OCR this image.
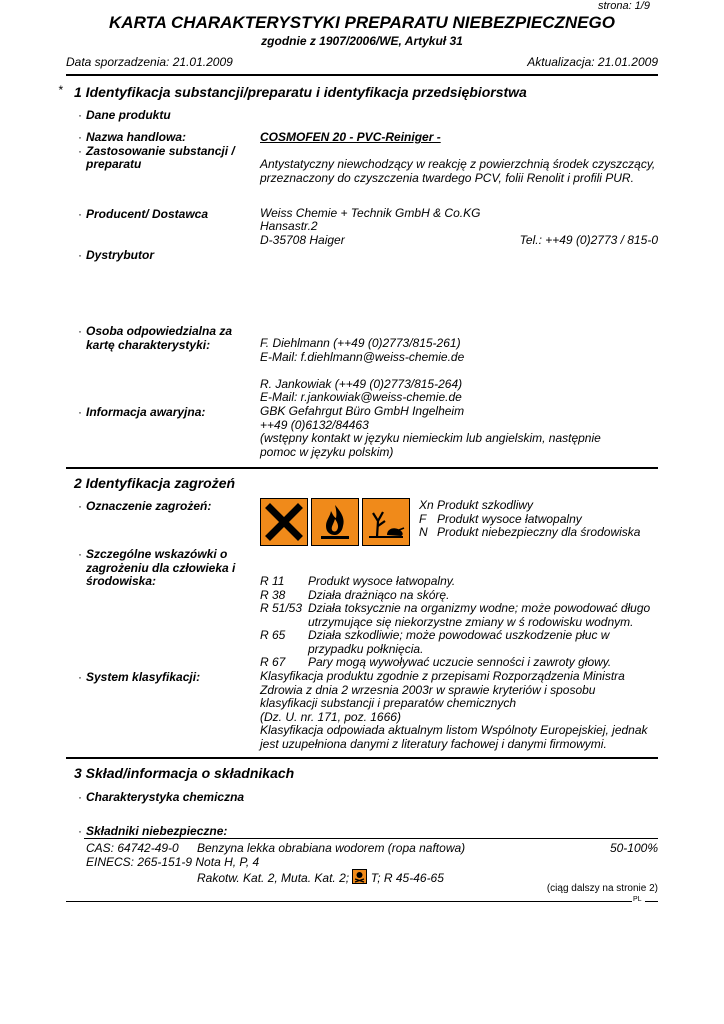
strona: 1/9
KARTA CHARAKTERYSTYKI PREPARATU NIEBEZPIECZNEGO
zgodnie z 1907/2006/WE, Artykuł 31
Data sporzadzenia: 21.01.2009	Aktualizacja: 21.01.2009
* 1 Identyfikacja substancji/preparatu i identyfikacja przedsiębiorstwa
· Dane produktu
· Nazwa handlowa:	COSMOFEN 20 - PVC-Reiniger -
· Zastosowanie substancji /
preparatu	Antystatyczny niewchodzący w reakcję z powierzchnią środek czyszczący, przeznaczony do czyszczenia twardego PCV, folii Renolit i profili PUR.
· Producent/ Dostawca	Weiss Chemie + Technik GmbH & Co.KG
Hansastr.2
D-35708 Haiger	Tel.: ++49 (0)2773 / 815-0
· Dystrybutor
· Osoba odpowiedzialna za
kartę charakterystyki:	F. Diehlmann (++49 (0)2773/815-261)
E-Mail: f.diehlmann@weiss-chemie.de
R. Jankowiak (++49 (0)2773/815-264)
E-Mail: r.jankowiak@weiss-chemie.de
· Informacja awaryjna:	GBK Gefahrgut Büro GmbH Ingelheim
++49 (0)6132/84463
(wstępny kontakt w języku niemieckim lub angielskim, następnie
pomoc w języku polskim)
2 Identyfikacja zagrożeń
· Oznaczenie zagrożeń:	Xn Produkt szkodliwy
F Produkt wysoce łatwopalny
N Produkt niebezpieczny dla środowiska
· Szczególne wskazówki o
zagrożeniu dla człowieka i
środowiska:	R 11 Produkt wysoce łatwopalny.
R 38 Działa drażniąco na skórę.
R 51/53 Działa toksycznie na organizmy wodne; może powodować długo
utrzymujące się niekorzystne zmiany w ś rodowisku wodnym.
R 65 Działa szkodliwie; może powodować uszkodzenie płuc w
przypadku połknięcia.
R 67 Pary mogą wywoływać uczucie senności i zawroty głowy.
· System klasyfikacji:	Klasyfikacja produktu zgodnie z przepisami Rozporządzenia Ministra
Zdrowia z dnia 2 wrzesnia 2003r w sprawie kryteriów i sposobu
klasyfikacji substancji i preparatów chemicznych
(Dz. U. nr. 171, poz. 1666)
Klasyfikacja odpowiada aktualnym listom Wspólnoty Europejskiej, jednak
jest uzupełniona danymi z literatury fachowej i danymi firmowymi.
3 Skład/informacja o składnikach
· Charakterystyka chemiczna
· Składniki niebezpieczne:
CAS: 64742-49-0 Benzyna lekka obrabiana wodorem (ropa naftowa)	50-100%
EINECS: 265-151-9 Nota H, P, 4
Rakotw. Kat. 2, Muta. Kat. 2; T; R 45-46-65
(ciąg dalszy na stronie 2)
PL
